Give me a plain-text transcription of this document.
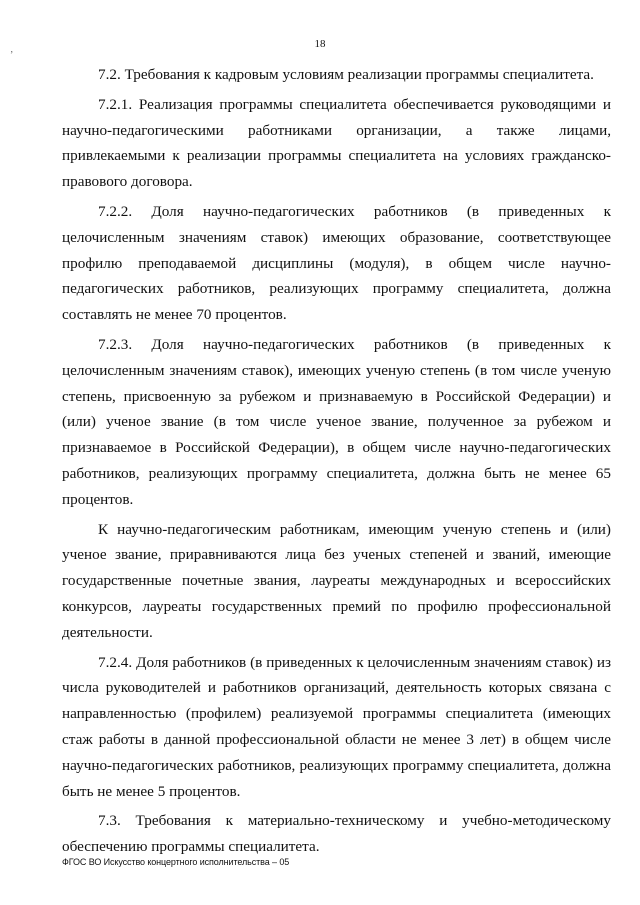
‚	18

7.2. Требования к кадровым условиям реализации программы специалитета.

7.2.1. Реализация программы специалитета обеспечивается руководящими и научно-педагогическими работниками организации, а также лицами, привлекаемыми к реализации программы специалитета на условиях гражданско-правового договора.

7.2.2. Доля научно-педагогических работников (в приведенных к целочисленным значениям ставок) имеющих образование, соответствующее профилю преподаваемой дисциплины (модуля), в общем числе научно-педагогических работников, реализующих программу специалитета, должна составлять не менее 70 процентов.

7.2.3. Доля научно-педагогических работников (в приведенных к целочисленным значениям ставок), имеющих ученую степень (в том числе ученую степень, присвоенную за рубежом и признаваемую в Российской Федерации) и (или) ученое звание (в том числе ученое звание, полученное за рубежом и признаваемое в Российской Федерации), в общем числе научно-педагогических работников, реализующих программу специалитета, должна быть не менее 65 процентов.

К научно-педагогическим работникам, имеющим ученую степень и (или) ученое звание, приравниваются лица без ученых степеней и званий, имеющие государственные почетные звания, лауреаты международных и всероссийских конкурсов, лауреаты государственных премий по профилю профессиональной деятельности.

7.2.4. Доля работников (в приведенных к целочисленным значениям ставок) из числа руководителей и работников организаций, деятельность которых связана с направленностью (профилем) реализуемой программы специалитета (имеющих стаж работы в данной профессиональной области не менее 3 лет) в общем числе научно-педагогических работников, реализующих программу специалитета, должна быть не менее 5 процентов.

7.3. Требования к материально-техническому и учебно-методическому обеспечению программы специалитета.

ФГОС ВО Искусство концертного исполнительства – 05
